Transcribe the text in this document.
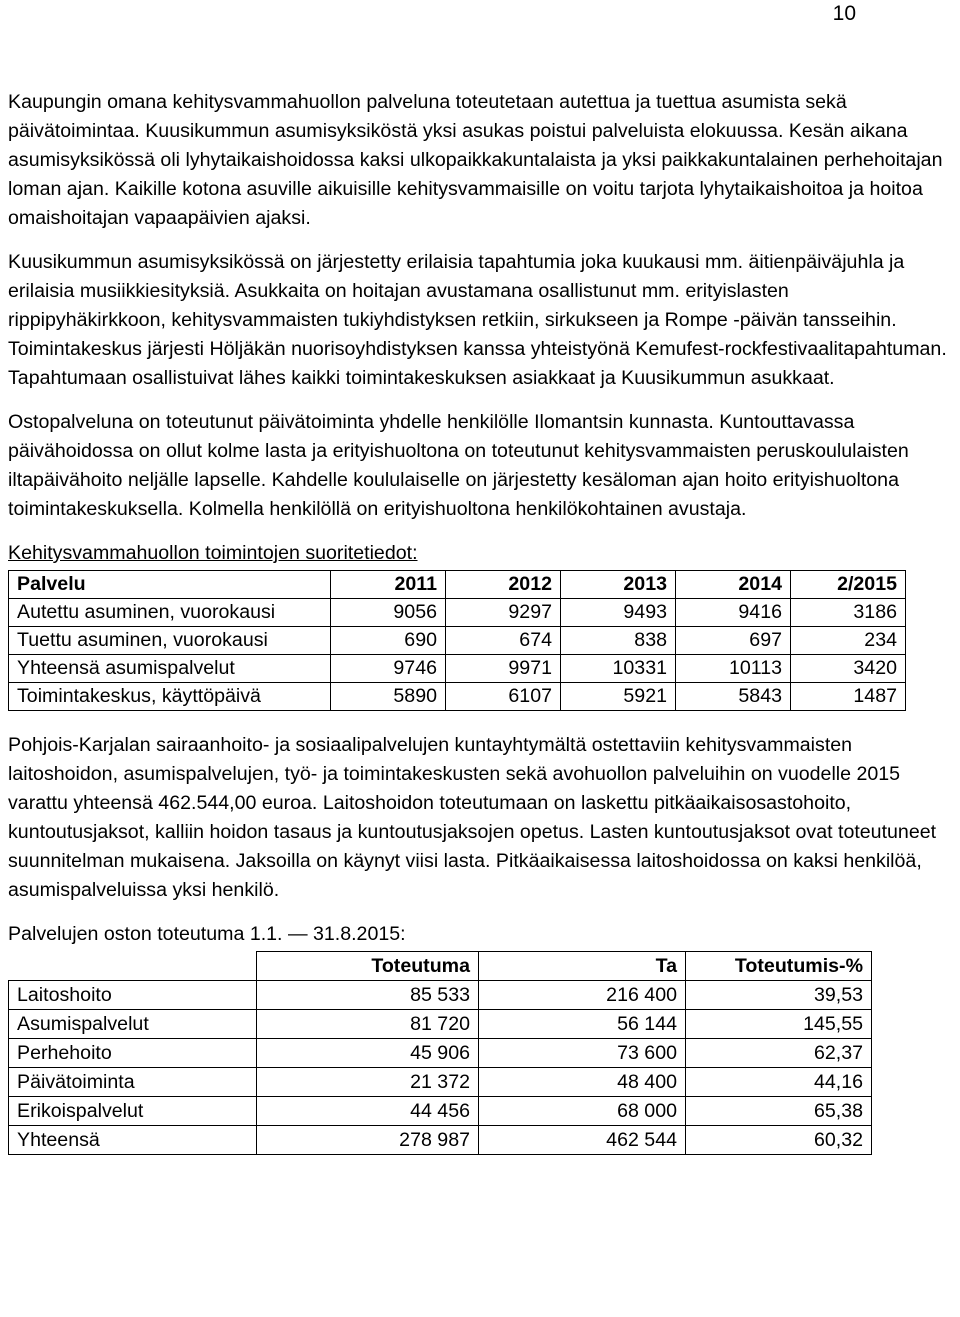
10

Kaupungin omana kehitysvammahuollon palveluna toteutetaan autettua ja tuettua asumista sekä päivätoimintaa. Kuusikummun asumisyksiköstä yksi asukas poistui palveluista elokuussa. Kesän aikana asumisyksikössä oli lyhytaikaishoidossa kaksi ulkopaikkakuntalaista ja yksi paikkakuntalainen perhehoitajan loman ajan. Kaikille kotona asuville aikuisille kehitysvammaisille on voitu tarjota lyhytaikaishoitoa ja hoitoa omaishoitajan vapaapäivien ajaksi.

Kuusikummun asumisyksikössä on järjestetty erilaisia tapahtumia joka kuukausi mm. äitienpäiväjuhla ja erilaisia musiikkiesityksiä. Asukkaita on hoitajan avustamana osallistunut mm. erityislasten rippipyhäkirkkoon, kehitysvammaisten tukiyhdistyksen retkiin, sirkukseen ja Rompe -päivän tansseihin. Toimintakeskus järjesti Höljäkän nuorisoyhdistyksen kanssa yhteistyönä Kemufest-rockfestivaalitapahtuman. Tapahtumaan osallistuivat lähes kaikki toimintakeskuksen asiakkaat ja Kuusikummun asukkaat.

Ostopalveluna on toteutunut päivätoiminta yhdelle henkilölle Ilomantsin kunnasta. Kuntouttavassa päivähoidossa on ollut kolme lasta ja erityishuoltona on toteutunut kehitysvammaisten peruskoululaisten iltapäivähoito neljälle lapselle. Kahdelle koululaiselle on järjestetty kesäloman ajan hoito erityishuoltona toimintakeskuksella. Kolmella henkilöllä on erityishuoltona henkilökohtainen avustaja.

Kehitysvammahuollon toimintojen suoritetiedot:
Palvelu	2011	2012	2013	2014	2/2015
Autettu asuminen, vuorokausi	9056	9297	9493	9416	3186
Tuettu asuminen, vuorokausi	690	674	838	697	234
Yhteensä asumispalvelut	9746	9971	10331	10113	3420
Toimintakeskus, käyttöpäivä	5890	6107	5921	5843	1487

Pohjois-Karjalan sairaanhoito- ja sosiaalipalvelujen kuntayhtymältä ostettaviin kehitysvammaisten laitoshoidon, asumispalvelujen, työ- ja toimintakeskusten sekä avohuollon palveluihin on vuodelle 2015 varattu yhteensä 462.544,00 euroa. Laitoshoidon toteutumaan on laskettu pitkäaikaisosastohoito, kuntoutusjaksot, kalliin hoidon tasaus ja kuntoutusjaksojen opetus. Lasten kuntoutusjaksot ovat toteutuneet suunnitelman mukaisena. Jaksoilla on käynyt viisi lasta. Pitkäaikaisessa laitoshoidossa on kaksi henkilöä, asumispalveluissa yksi henkilö.

Palvelujen oston toteutuma 1.1. — 31.8.2015:
	Toteutuma	Ta	Toteutumis-%
Laitoshoito	85 533	216 400	39,53
Asumispalvelut	81 720	56 144	145,55
Perhehoito	45 906	73 600	62,37
Päivätoiminta	21 372	48 400	44,16
Erikoispalvelut	44 456	68 000	65,38
Yhteensä	278 987	462 544	60,32
